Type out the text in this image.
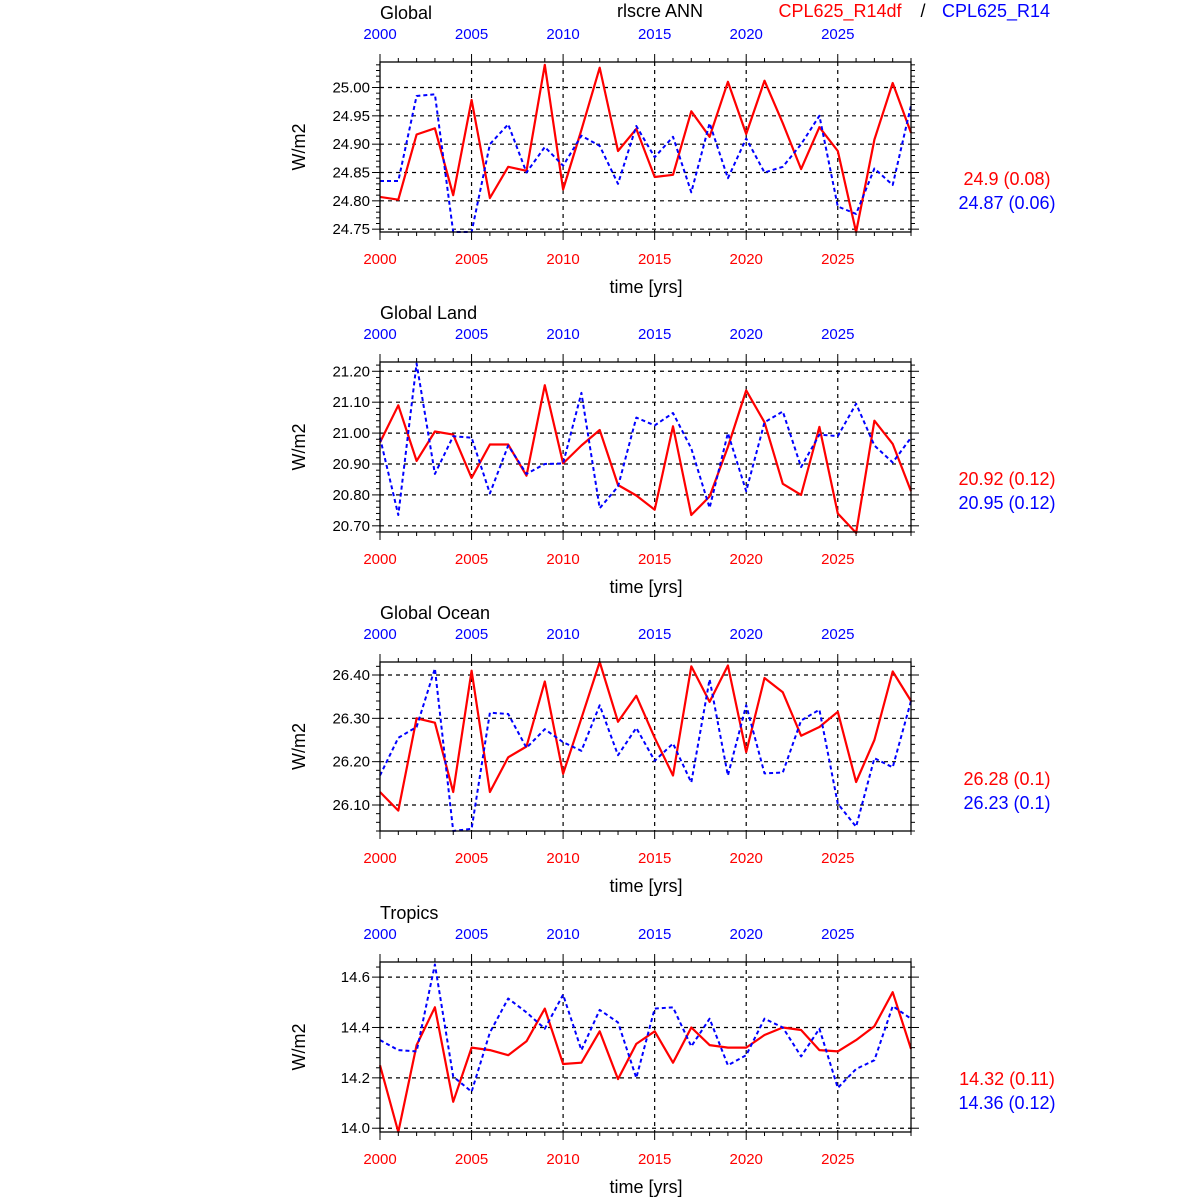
rlscre ANN	CPL625_R14df / CPL625_R14
Global
24.75
24.80
24.85
24.90
24.95
25.00
2000
2000
2005
2005
2010
2010
2015
2015
2020
2020
2025
2025
time [yrs]
W/m2
24.9 (0.08)
24.87 (0.06)
Global Land
20.70
20.80
20.90
21.00
21.10
21.20
2000
2000
2005
2005
2010
2010
2015
2015
2020
2020
2025
2025
time [yrs]
W/m2
20.92 (0.12)
20.95 (0.12)
Global Ocean
26.10
26.20
26.30
26.40
2000
2000
2005
2005
2010
2010
2015
2015
2020
2020
2025
2025
time [yrs]
W/m2
26.28 (0.1)
26.23 (0.1)
Tropics
14.0
14.2
14.4
14.6
2000
2000
2005
2005
2010
2010
2015
2015
2020
2020
2025
2025
time [yrs]
W/m2
14.32 (0.11)
14.36 (0.12)
